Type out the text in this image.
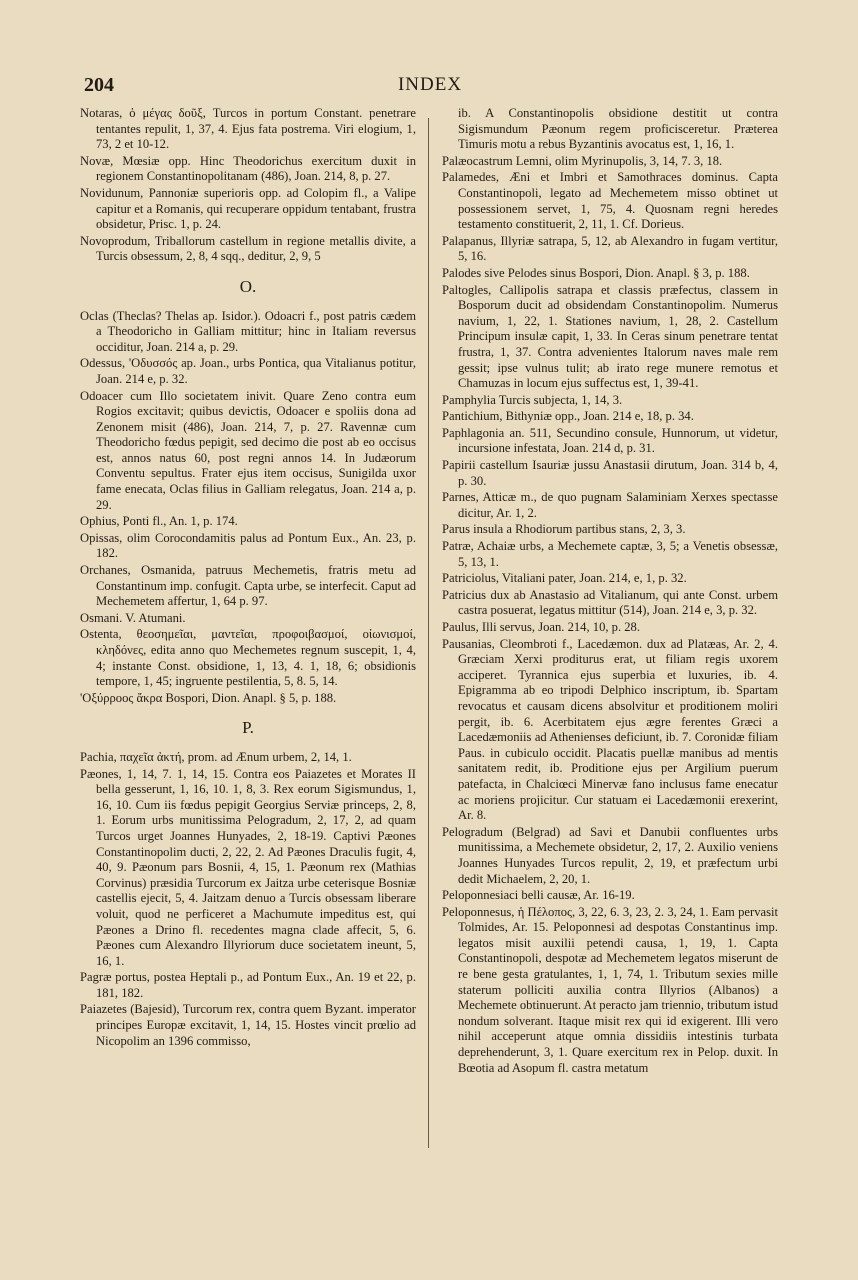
204	INDEX

Notaras, ὁ μέγας δοῦξ, Turcos in portum Constant. penetrare tentantes repulit, 1, 37, 4. Ejus fata postrema. Viri elogium, 1, 73, 2 et 10-12.

Novæ, Mœsiæ opp. Hinc Theodorichus exercitum duxit in regionem Constantinopolitanam (486), Joan. 214, 8, p. 27.

Novidunum, Pannoniæ superioris opp. ad Colopim fl., a Valipe capitur et a Romanis, qui recuperare oppidum tentabant, frustra obsidetur, Prisc. 1, p. 24.

Novoprodum, Triballorum castellum in regione metallis divite, a Turcis obsessum, 2, 8, 4 sqq., deditur, 2, 9, 5

O.

Oclas (Theclas? Thelas ap. Isidor.). Odoacri f., post patris cædem a Theodoricho in Galliam mittitur; hinc in Italiam reversus occiditur, Joan. 214 a, p. 29.

Odessus, 'Οδυσσός ap. Joan., urbs Pontica, qua Vitalianus potitur, Joan. 214 e, p. 32.

Odoacer cum Illo societatem inivit. Quare Zeno contra eum Rogios excitavit; quibus devictis, Odoacer e spoliis dona ad Zenonem misit (486), Joan. 214, 7, p. 27. Ravennæ cum Theodoricho fœdus pepigit, sed decimo die post ab eo occisus est, annos natus 60, post regni annos 14. In Judæorum Conventu sepultus. Frater ejus item occisus, Sunigilda uxor fame enecata, Oclas filius in Galliam relegatus, Joan. 214 a, p. 29.

Ophius, Ponti fl., An. 1, p. 174.

Opissas, olim Corocondamitis palus ad Pontum Eux., An. 23, p. 182.

Orchanes, Osmanida, patruus Mechemetis, fratris metu ad Constantinum imp. confugit. Capta urbe, se interfecit. Caput ad Mechemetem affertur, 1, 64 p. 97.

Osmani. V. Atumani.

Ostenta, θεοσημεῖαι, μαντεῖαι, προφοιβασμοί, οἰωνισμοί, κληδόνες, edita anno quo Mechemetes regnum suscepit, 1, 4, 4; instante Const. obsidione, 1, 13, 4. 1, 18, 6; obsidionis tempore, 1, 45; ingruente pestilentia, 5, 8. 5, 14.

'Οξύρροος ἄκρα Bospori, Dion. Anapl. § 5, p. 188.

P.

Pachia, παχεῖα ἀκτή, prom. ad Ænum urbem, 2, 14, 1.

Pæones, 1, 14, 7. 1, 14, 15. Contra eos Paiazetes et Morates II bella gesserunt, 1, 16, 10. 1, 8, 3. Rex eorum Sigismundus, 1, 16, 10. Cum iis fœdus pepigit Georgius Serviæ princeps, 2, 8, 1. Eorum urbs munitissima Pelogradum, 2, 17, 2, ad quam Turcos urget Joannes Hunyades, 2, 18-19. Captivi Pæones Constantinopolim ducti, 2, 22, 2. Ad Pæones Draculis fugit, 4, 40, 9. Pæonum pars Bosnii, 4, 15, 1. Pæonum rex (Mathias Corvinus) præsidia Turcorum ex Jaitza urbe ceterisque Bosniæ castellis ejecit, 5, 4. Jaitzam denuo a Turcis obsessam liberare voluit, quod ne perficeret a Machumute impeditus est, qui Pæones a Drino fl. recedentes magna clade affecit, 5, 6. Pæones cum Alexandro Illyriorum duce societatem ineunt, 5, 16, 1.

Pagræ portus, postea Heptali p., ad Pontum Eux., An. 19 et 22, p. 181, 182.

Paiazetes (Bajesid), Turcorum rex, contra quem Byzant. imperator principes Europæ excitavit, 1, 14, 15. Hostes vincit prœlio ad Nicopolim an 1396 commisso,

ib. A Constantinopolis obsidione destitit ut contra Sigismundum Pæonum regem proficisceretur. Præterea Timuris motu a rebus Byzantinis avocatus est, 1, 16, 1.

Palæocastrum Lemni, olim Myrinupolis, 3, 14, 7. 3, 18.

Palamedes, Æni et Imbri et Samothraces dominus. Capta Constantinopoli, legato ad Mechemetem misso obtinet ut possessionem servet, 1, 75, 4. Quosnam regni heredes testamento constituerit, 2, 11, 1. Cf. Dorieus.

Palapanus, Illyriæ satrapa, 5, 12, ab Alexandro in fugam vertitur, 5, 16.

Palodes sive Pelodes sinus Bospori, Dion. Anapl. § 3, p. 188.

Paltogles, Callipolis satrapa et classis præfectus, classem in Bosporum ducit ad obsidendam Constantinopolim. Numerus navium, 1, 22, 1. Stationes navium, 1, 28, 2. Castellum Principum insulæ capit, 1, 33. In Ceras sinum penetrare tentat frustra, 1, 37. Contra advenientes Italorum naves male rem gessit; ipse vulnus tulit; ab irato rege munere remotus et Chamuzas in locum ejus suffectus est, 1, 39-41.

Pamphylia Turcis subjecta, 1, 14, 3.

Pantichium, Bithyniæ opp., Joan. 214 e, 18, p. 34.

Paphlagonia an. 511, Secundino consule, Hunnorum, ut videtur, incursione infestata, Joan. 214 d, p. 31.

Papirii castellum Isauriæ jussu Anastasii dirutum, Joan. 314 b, 4, p. 30.

Parnes, Atticæ m., de quo pugnam Salaminiam Xerxes spectasse dicitur, Ar. 1, 2.

Parus insula a Rhodiorum partibus stans, 2, 3, 3.

Patræ, Achaiæ urbs, a Mechemete captæ, 3, 5; a Venetis obsessæ, 5, 13, 1.

Patriciolus, Vitaliani pater, Joan. 214, e, 1, p. 32.

Patricius dux ab Anastasio ad Vitalianum, qui ante Const. urbem castra posuerat, legatus mittitur (514), Joan. 214 e, 3, p. 32.

Paulus, Illi servus, Joan. 214, 10, p. 28.

Pausanias, Cleombroti f., Lacedæmon. dux ad Platæas, Ar. 2, 4. Græciam Xerxi proditurus erat, ut filiam regis uxorem acciperet. Tyrannica ejus superbia et luxuries, ib. 4. Epigramma ab eo tripodi Delphico inscriptum, ib. Spartam revocatus et causam dicens absolvitur et proditionem moliri pergit, ib. 6. Acerbitatem ejus ægre ferentes Græci a Lacedæmoniis ad Athenienses deficiunt, ib. 7. Coronidæ filiam Paus. in cubiculo occidit. Placatis puellæ manibus ad mentis sanitatem redit, ib. Proditione ejus per Argilium puerum patefacta, in Chalciœci Minervæ fano inclusus fame enecatur ac moriens projicitur. Cur statuam ei Lacedæmonii erexerint, Ar. 8.

Pelogradum (Belgrad) ad Savi et Danubii confluentes urbs munitissima, a Mechemete obsidetur, 2, 17, 2. Auxilio veniens Joannes Hunyades Turcos repulit, 2, 19, et præfectum urbi dedit Michaelem, 2, 20, 1.

Peloponnesiaci belli causæ, Ar. 16-19.

Peloponnesus, ἡ Πέλοπος, 3, 22, 6. 3, 23, 2. 3, 24, 1. Eam pervasit Tolmides, Ar. 15. Peloponnesi ad despotas Constantinus imp. legatos misit auxilii petendi causa, 1, 19, 1. Capta Constantinopoli, despotæ ad Mechemetem legatos miserunt de re bene gesta gratulantes, 1, 1, 74, 1. Tributum sexies mille staterum polliciti auxilia contra Illyrios (Albanos) a Mechemete obtinuerunt. At peracto jam triennio, tributum istud nondum solverant. Itaque misit rex qui id exigerent. Illi vero nihil acceperunt atque omnia dissidiis intestinis turbata deprehenderunt, 3, 1. Quare exercitum rex in Pelop. duxit. In Bœotia ad Asopum fl. castra metatum
